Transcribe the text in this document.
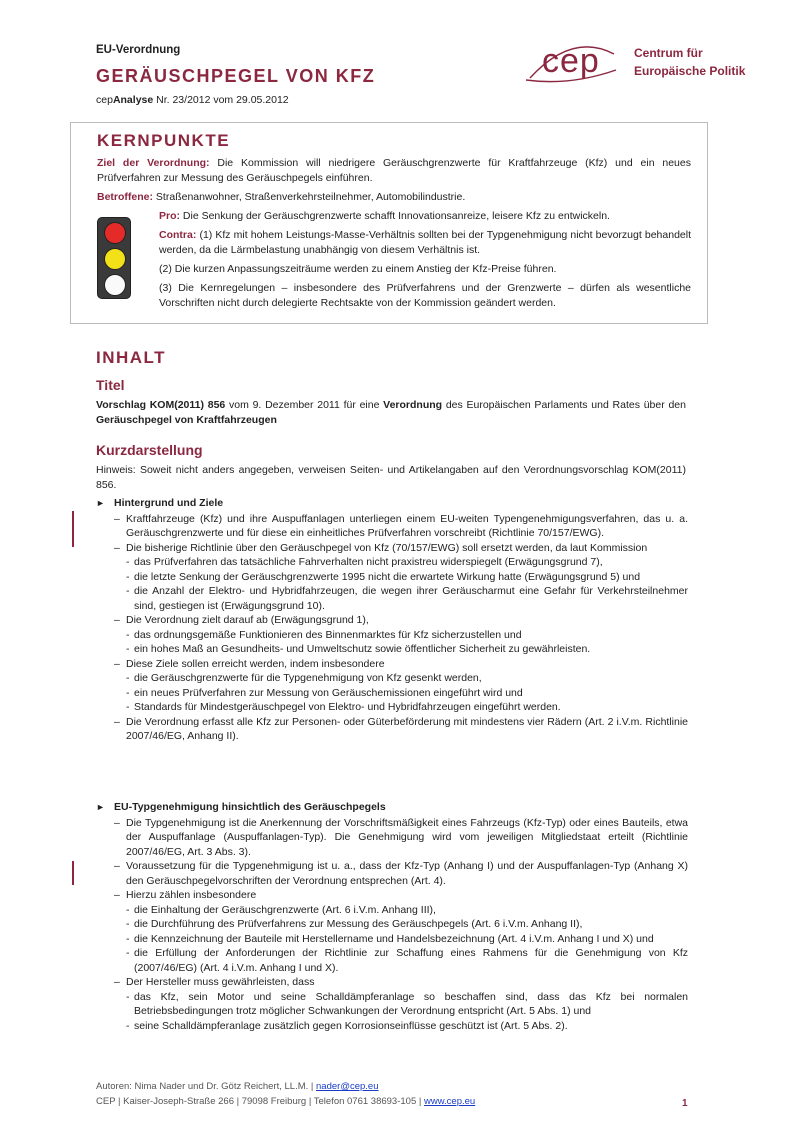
EU-Verordnung
GERÄUSCHPEGEL VON KFZ
cepAnalyse Nr. 23/2012 vom 29.05.2012
cep	Centrum für
Europäische Politik
KERNPUNKTE

Ziel der Verordnung: Die Kommission will niedrigere Geräuschgrenzwerte für Kraftfahrzeuge (Kfz) und ein neues Prüfverfahren zur Messung des Geräuschpegels einführen.

Betroffene: Straßenanwohner, Straßenverkehrsteilnehmer, Automobilindustrie.

Pro: Die Senkung der Geräuschgrenzwerte schafft Innovationsanreize, leisere Kfz zu entwickeln.

Contra: (1) Kfz mit hohem Leistungs-Masse-Verhältnis sollten bei der Typgenehmigung nicht bevorzugt behandelt werden, da die Lärmbelastung unabhängig von diesem Verhältnis ist.

(2) Die kurzen Anpassungszeiträume werden zu einem Anstieg der Kfz-Preise führen.

(3) Die Kernregelungen – insbesondere des Prüfverfahrens und der Grenzwerte – dürfen als wesentliche Vorschriften nicht durch delegierte Rechtsakte von der Kommission geändert werden.

INHALT
Titel
Vorschlag KOM(2011) 856 vom 9. Dezember 2011 für eine Verordnung des Europäischen Parlaments und Rates über den Geräuschpegel von Kraftfahrzeugen
Kurzdarstellung
Hinweis: Soweit nicht anders angegeben, verweisen Seiten- und Artikelangaben auf den Verordnungsvorschlag KOM(2011) 856.
► Hintergrund und Ziele
– Kraftfahrzeuge (Kfz) und ihre Auspuffanlagen unterliegen einem EU-weiten Typengenehmigungsverfahren, das u. a. Geräuschgrenzwerte und für diese ein einheitliches Prüfverfahren vorschreibt (Richtlinie 70/157/EWG).
– Die bisherige Richtlinie über den Geräuschpegel von Kfz (70/157/EWG) soll ersetzt werden, da laut Kommission
- das Prüfverfahren das tatsächliche Fahrverhalten nicht praxistreu widerspiegelt (Erwägungsgrund 7),
- die letzte Senkung der Geräuschgrenzwerte 1995 nicht die erwartete Wirkung hatte (Erwägungsgrund 5) und
- die Anzahl der Elektro- und Hybridfahrzeugen, die wegen ihrer Geräuscharmut eine Gefahr für Verkehrsteilnehmer sind, gestiegen ist (Erwägungsgrund 10).
– Die Verordnung zielt darauf ab (Erwägungsgrund 1),
- das ordnungsgemäße Funktionieren des Binnenmarktes für Kfz sicherzustellen und
- ein hohes Maß an Gesundheits- und Umweltschutz sowie öffentlicher Sicherheit zu gewährleisten.
– Diese Ziele sollen erreicht werden, indem insbesondere
- die Geräuschgrenzwerte für die Typgenehmigung von Kfz gesenkt werden,
- ein neues Prüfverfahren zur Messung von Geräuschemissionen eingeführt wird und
- Standards für Mindestgeräuschpegel von Elektro- und Hybridfahrzeugen eingeführt werden.
– Die Verordnung erfasst alle Kfz zur Personen- oder Güterbeförderung mit mindestens vier Rädern (Art. 2 i.V.m. Richtlinie 2007/46/EG, Anhang II).
► EU-Typgenehmigung hinsichtlich des Geräuschpegels
– Die Typgenehmigung ist die Anerkennung der Vorschriftsmäßigkeit eines Fahrzeugs (Kfz-Typ) oder eines Bauteils, etwa der Auspuffanlage (Auspuffanlagen-Typ). Die Genehmigung wird vom jeweiligen Mitgliedstaat erteilt (Richtlinie 2007/46/EG, Art. 3 Abs. 3).
– Voraussetzung für die Typgenehmigung ist u. a., dass der Kfz-Typ (Anhang I) und der Auspuffanlagen-Typ (Anhang X) den Geräuschpegelvorschriften der Verordnung entsprechen (Art. 4).
– Hierzu zählen insbesondere
- die Einhaltung der Geräuschgrenzwerte (Art. 6 i.V.m. Anhang III),
- die Durchführung des Prüfverfahrens zur Messung des Geräuschpegels (Art. 6 i.V.m. Anhang II),
- die Kennzeichnung der Bauteile mit Herstellername und Handelsbezeichnung (Art. 4 i.V.m. Anhang I und X) und
- die Erfüllung der Anforderungen der Richtlinie zur Schaffung eines Rahmens für die Genehmigung von Kfz (2007/46/EG) (Art. 4 i.V.m. Anhang I und X).
– Der Hersteller muss gewährleisten, dass
- das Kfz, sein Motor und seine Schalldämpferanlage so beschaffen sind, dass das Kfz bei normalen Betriebsbedingungen trotz möglicher Schwankungen der Verordnung entspricht (Art. 5 Abs. 1) und
- seine Schalldämpferanlage zusätzlich gegen Korrosionseinflüsse geschützt ist (Art. 5 Abs. 2).
Autoren: Nima Nader und Dr. Götz Reichert, LL.M. | nader@cep.eu
CEP | Kaiser-Joseph-Straße 266 | 79098 Freiburg | Telefon 0761 38693-105 | www.cep.eu	1
